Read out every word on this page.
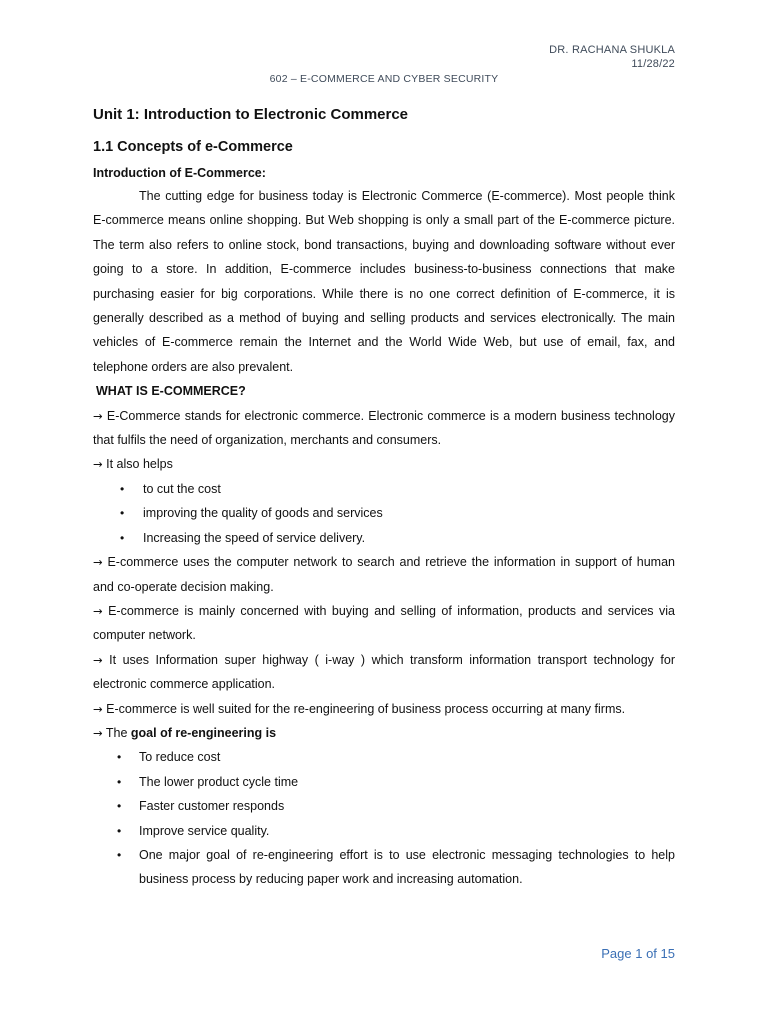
DR. RACHANA SHUKLA
11/28/22
602 – E-COMMERCE AND CYBER SECURITY
Unit 1: Introduction to Electronic Commerce
1.1 Concepts of e-Commerce

Introduction of E-Commerce:

The cutting edge for business today is Electronic Commerce (E-commerce). Most people think E-commerce means online shopping. But Web shopping is only a small part of the E-commerce picture. The term also refers to online stock, bond transactions, buying and downloading software without ever going to a store. In addition, E-commerce includes business-to-business connections that make purchasing easier for big corporations. While there is no one correct definition of E-commerce, it is generally described as a method of buying and selling products and services electronically. The main vehicles of E-commerce remain the Internet and the World Wide Web, but use of email, fax, and telephone orders are also prevalent.

WHAT IS E-COMMERCE?

→ E-Commerce stands for electronic commerce. Electronic commerce is a modern business technology that fulfils the need of organization, merchants and consumers.

→ It also helps

• to cut the cost
• improving the quality of goods and services
• Increasing the speed of service delivery.

→ E-commerce uses the computer network to search and retrieve the information in support of human and co-operate decision making.

→ E-commerce is mainly concerned with buying and selling of information, products and services via computer network.

→ It uses Information super highway ( i-way ) which transform information transport technology for electronic commerce application.

→ E-commerce is well suited for the re-engineering of business process occurring at many firms.

→ The goal of re-engineering is

• To reduce cost
• The lower product cycle time
• Faster customer responds
• Improve service quality.
• One major goal of re-engineering effort is to use electronic messaging technologies to help business process by reducing paper work and increasing automation.
Page 1 of 15
